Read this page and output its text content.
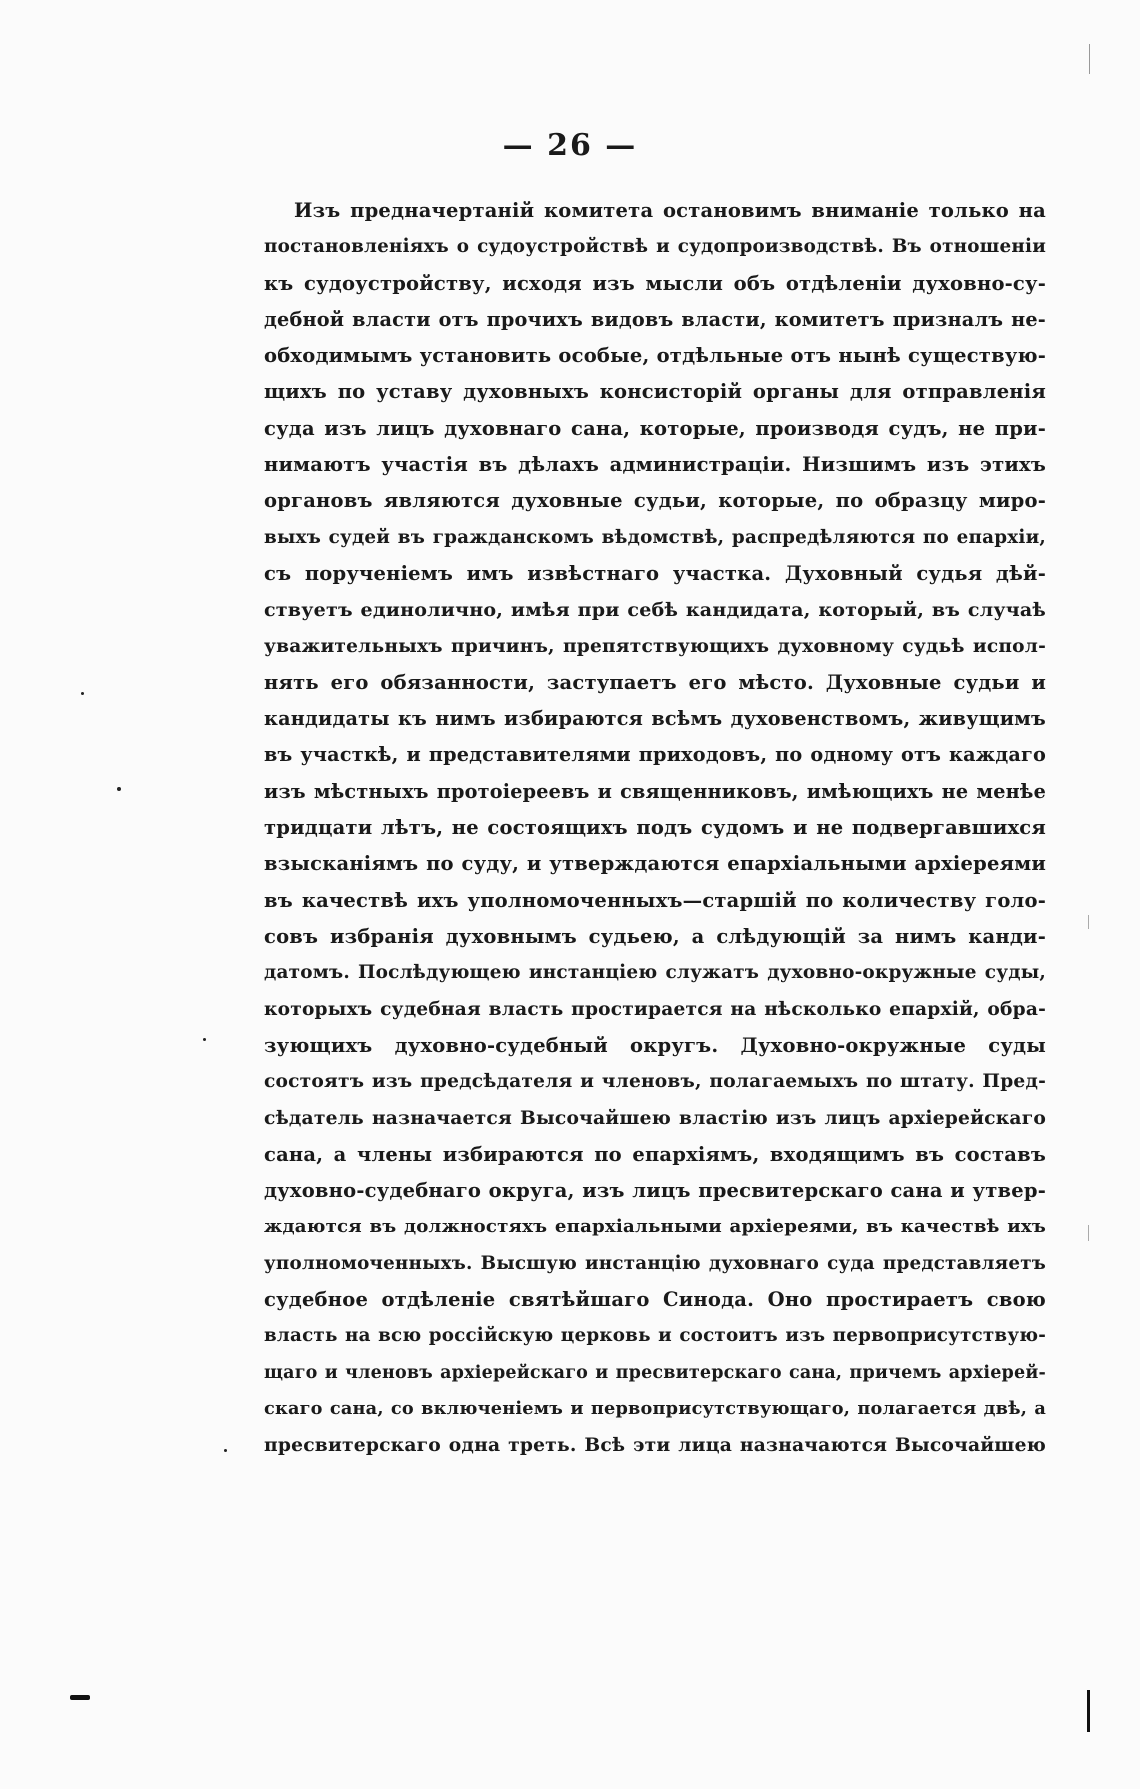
— 26 —
Изъ предначертаній комитета остановимъ вниманіе только на
постановленіяхъ о судоустройствѣ и судопроизводствѣ. Въ отношеніи
къ судоустройству, исходя изъ мысли объ отдѣленіи духовно-су-
дебной власти отъ прочихъ видовъ власти, комитетъ призналъ не-
обходимымъ установить особые, отдѣльные отъ нынѣ существую-
щихъ по уставу духовныхъ консисторій органы для отправленія
суда изъ лицъ духовнаго сана, которые, производя судъ, не при-
нимаютъ участія въ дѣлахъ администраціи. Низшимъ изъ этихъ
органовъ являются духовные судьи, которые, по образцу миро-
выхъ судей въ гражданскомъ вѣдомствѣ, распредѣляются по епархіи,
съ порученіемъ имъ извѣстнаго участка. Духовный судья дѣй-
ствуетъ единолично, имѣя при себѣ кандидата, который, въ случаѣ
уважительныхъ причинъ, препятствующихъ духовному судьѣ испол-
нять его обязанности, заступаетъ его мѣсто. Духовные судьи и
кандидаты къ нимъ избираются всѣмъ духовенствомъ, живущимъ
въ участкѣ, и представителями приходовъ, по одному отъ каждаго
изъ мѣстныхъ протоіереевъ и священниковъ, имѣющихъ не менѣе
тридцати лѣтъ, не состоящихъ подъ судомъ и не подвергавшихся
взысканіямъ по суду, и утверждаются епархіальными архіереями
въ качествѣ ихъ уполномоченныхъ—старшій по количеству голо-
совъ избранія духовнымъ судьею, а слѣдующій за нимъ канди-
датомъ. Послѣдующею инстанціею служатъ духовно-окружные суды,
которыхъ судебная власть простирается на нѣсколько епархій, обра-
зующихъ духовно-судебный округъ. Духовно-окружные суды
состоятъ изъ предсѣдателя и членовъ, полагаемыхъ по штату. Пред-
сѣдатель назначается Высочайшею властію изъ лицъ архіерейскаго
сана, а члены избираются по епархіямъ, входящимъ въ составъ
духовно-судебнаго округа, изъ лицъ пресвитерскаго сана и утвер-
ждаются въ должностяхъ епархіальными архіереями, въ качествѣ ихъ
уполномоченныхъ. Высшую инстанцію духовнаго суда представляетъ
судебное отдѣленіе святѣйшаго Синода. Оно простираетъ свою
власть на всю россійскую церковь и состоитъ изъ первоприсутствую-
щаго и членовъ архіерейскаго и пресвитерскаго сана, причемъ архіерей-
скаго сана, со включеніемъ и первоприсутствующаго, полагается двѣ, а
пресвитерскаго одна треть. Всѣ эти лица назначаются Высочайшею
